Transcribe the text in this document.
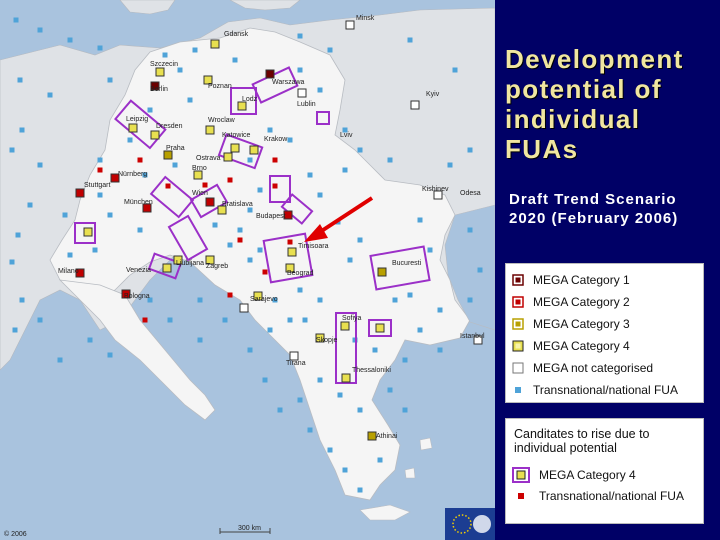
Gdansk
Minsk
Szczecin
Warszawa
Poznan
Berlin
Lodz
Lublin
Kyiv
Leipzig
Dresden
Wroclaw
Katowice
Krakow
Lviv
Praha
Ostrava
Brno
Nürnberg
Stuttgart
Wien
Bratislava
Kishinev
Odesa
München
Budapest
Timisoara
Ljubljana Zagreb
Milano	Venezia	Beograd
Bucuresti
Bologna	Sarajevo
Sofiya
Istanbul
Skopje
Tirana
Thessaloniki
Athinai
300 km
© 2006
Development potential of individual FUAs

Draft Trend Scenario 2020 (February 2006)

MEGA Category 1
MEGA Category 2
MEGA Category 3
MEGA Category 4
MEGA not categorised
Transnational/national FUA

Canditates to rise due to individual potential

MEGA Category 4
Transnational/national FUA
